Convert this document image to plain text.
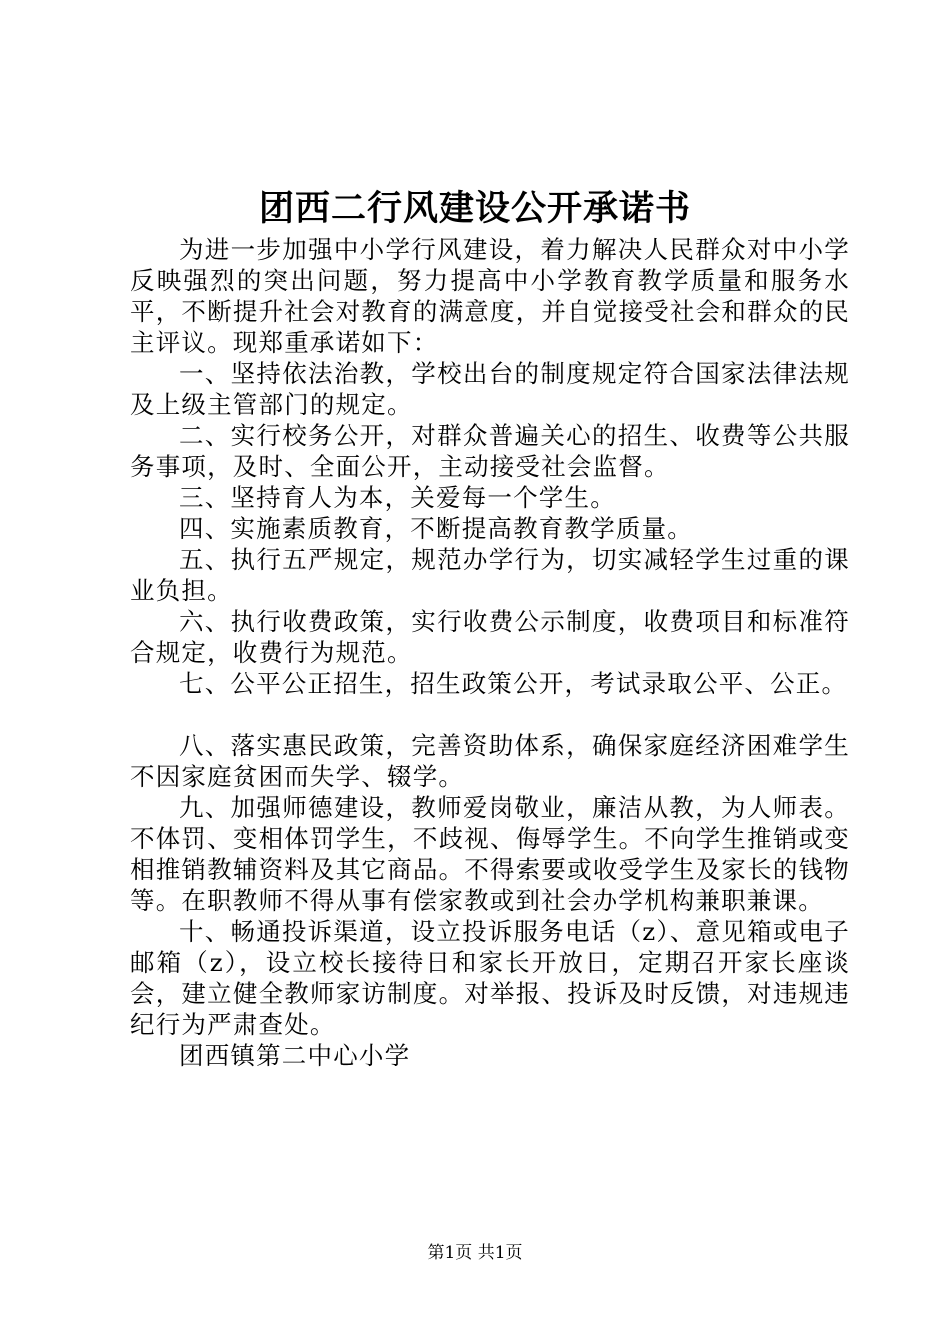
团西二行风建设公开承诺书

为进一步加强中小学行风建设，着力解决人民群众对中小学反映强烈的突出问题，努力提高中小学教育教学质量和服务水平，不断提升社会对教育的满意度，并自觉接受社会和群众的民主评议。现郑重承诺如下：

一、坚持依法治教，学校出台的制度规定符合国家法律法规及上级主管部门的规定。

二、实行校务公开，对群众普遍关心的招生、收费等公共服务事项，及时、全面公开，主动接受社会监督。

三、坚持育人为本，关爱每一个学生。

四、实施素质教育，不断提高教育教学质量。

五、执行五严规定，规范办学行为，切实减轻学生过重的课业负担。

六、执行收费政策，实行收费公示制度，收费项目和标准符合规定，收费行为规范。

七、公平公正招生，招生政策公开，考试录取公平、公正。

八、落实惠民政策，完善资助体系，确保家庭经济困难学生不因家庭贫困而失学、辍学。

九、加强师德建设，教师爱岗敬业，廉洁从教，为人师表。不体罚、变相体罚学生，不歧视、侮辱学生。不向学生推销或变相推销教辅资料及其它商品。不得索要或收受学生及家长的钱物等。在职教师不得从事有偿家教或到社会办学机构兼职兼课。

十、畅通投诉渠道，设立投诉服务电话（z）、意见箱或电子邮箱（z），设立校长接待日和家长开放日，定期召开家长座谈会，建立健全教师家访制度。对举报、投诉及时反馈，对违规违纪行为严肃查处。

团西镇第二中心小学

第1页 共1页
